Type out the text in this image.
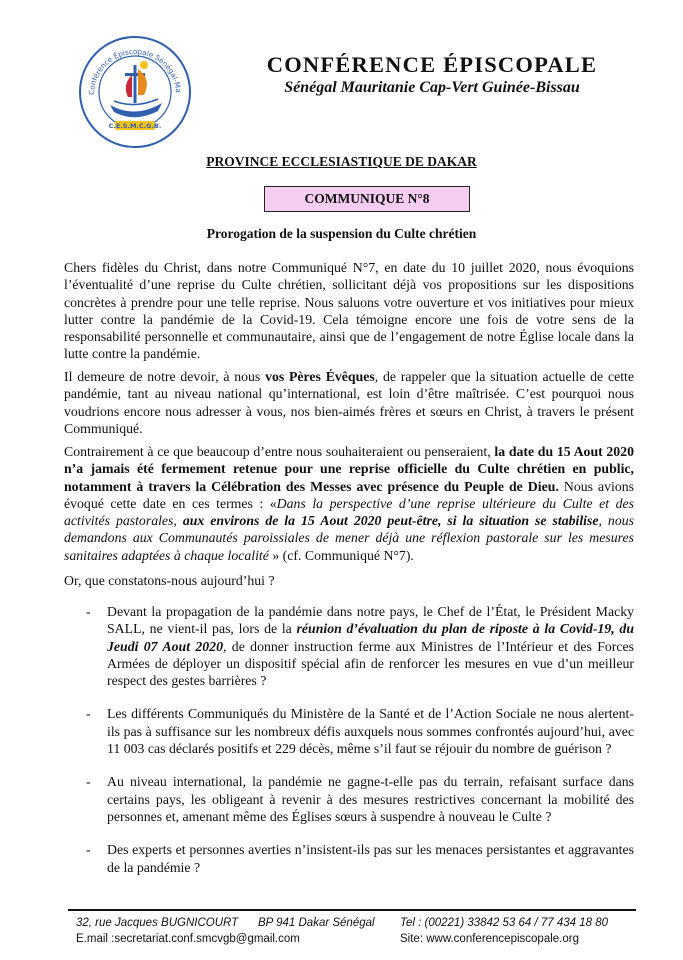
Conférence Épiscopale Sénégal-Ma
C.E.S.M.C.G.B.
CONFÉRENCE ÉPISCOPALE
Sénégal Mauritanie Cap-Vert Guinée-Bissau
PROVINCE ECCLESIASTIQUE DE DAKAR
COMMUNIQUE N°8
Prorogation de la suspension du Culte chrétien

Chers fidèles du Christ, dans notre Communiqué N°7, en date du 10 juillet 2020, nous évoquions l’éventualité d’une reprise du Culte chrétien, sollicitant déjà vos propositions sur les dispositions concrètes à prendre pour une telle reprise. Nous saluons votre ouverture et vos initiatives pour mieux lutter contre la pandémie de la Covid-19. Cela témoigne encore une fois de votre sens de la responsabilité personnelle et communautaire, ainsi que de l’engagement de notre Église locale dans la lutte contre la pandémie.

Il demeure de notre devoir, à nous vos Pères Évêques, de rappeler que la situation actuelle de cette pandémie, tant au niveau national qu’international, est loin d’être maîtrisée. C’est pourquoi nous voudrions encore nous adresser à vous, nos bien-aimés frères et sœurs en Christ, à travers le présent Communiqué.

Contrairement à ce que beaucoup d’entre nous souhaiteraient ou penseraient, la date du 15 Aout 2020 n’a jamais été fermement retenue pour une reprise officielle du Culte chrétien en public, notamment à travers la Célébration des Messes avec présence du Peuple de Dieu. Nous avions évoqué cette date en ces termes : «Dans la perspective d’une reprise ultérieure du Culte et des activités pastorales, aux environs de la 15 Aout 2020 peut-être, si la situation se stabilise, nous demandons aux Communautés paroissiales de mener déjà une réflexion pastorale sur les mesures sanitaires adaptées à chaque localité » (cf. Communiqué N°7).

Or, que constatons-nous aujourd’hui ?

- Devant la propagation de la pandémie dans notre pays, le Chef de l’État, le Président Macky SALL, ne vient-il pas, lors de la réunion d’évaluation du plan de riposte à la Covid-19, du Jeudi 07 Aout 2020, de donner instruction ferme aux Ministres de l’Intérieur et des Forces Armées de déployer un dispositif spécial afin de renforcer les mesures en vue d’un meilleur respect des gestes barrières ?
- Les différents Communiqués du Ministère de la Santé et de l’Action Sociale ne nous alertent-ils pas à suffisance sur les nombreux défis auxquels nous sommes confrontés aujourd’hui, avec 11 003 cas déclarés positifs et 229 décès, même s’il faut se réjouir du nombre de guérison ?
- Au niveau international, la pandémie ne gagne-t-elle pas du terrain, refaisant surface dans certains pays, les obligeant à revenir à des mesures restrictives concernant la mobilité des personnes et, amenant même des Églises sœurs à suspendre à nouveau le Culte ?
- Des experts et personnes averties n’insistent-ils pas sur les menaces persistantes et aggravantes de la pandémie ?
32, rue Jacques BUGNICOURT BP 941 Dakar Sénégal Tel : (00221) 33842 53 64 / 77 434 18 80
E.mail :secretariat.conf.smcvgb@gmail.com	Site: www.conferencepiscopale.org
